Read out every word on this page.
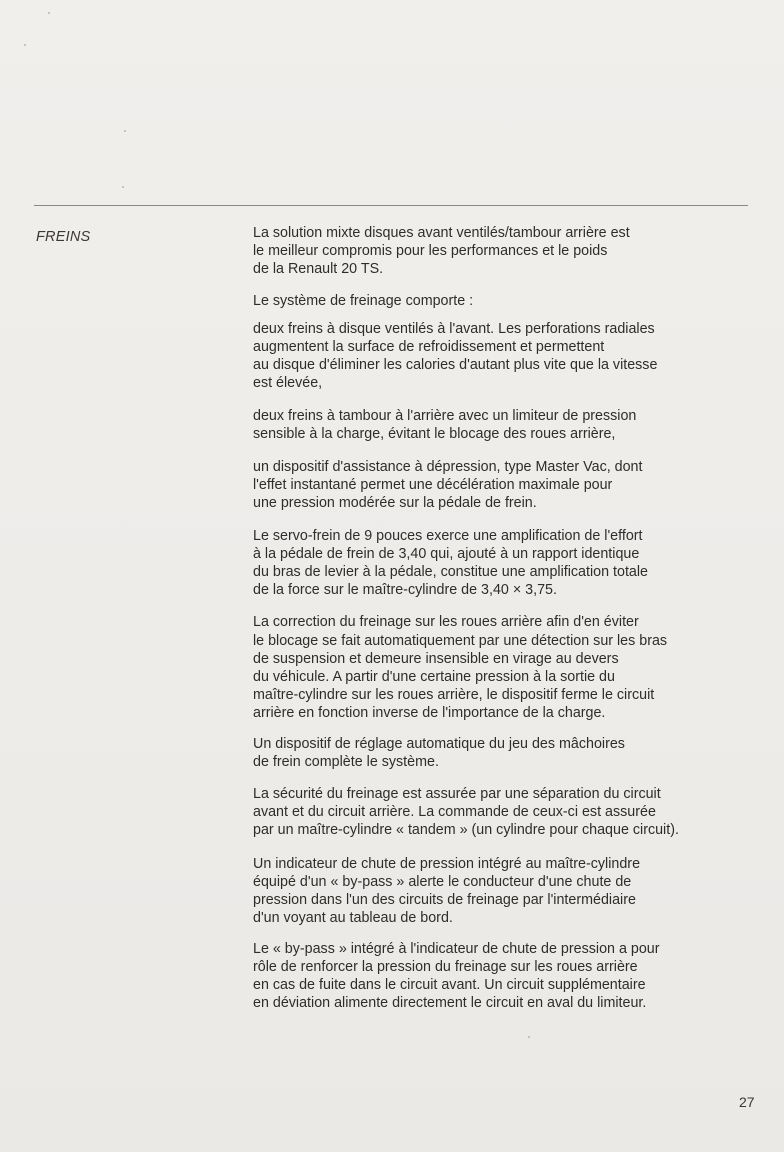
FREINS	La solution mixte disques avant ventilés/tambour arrière est
le meilleur compromis pour les performances et le poids
de la Renault 20 TS.

Le système de freinage comporte :

deux freins à disque ventilés à l'avant. Les perforations radiales
augmentent la surface de refroidissement et permettent
au disque d'éliminer les calories d'autant plus vite que la vitesse
est élevée,

deux freins à tambour à l'arrière avec un limiteur de pression
sensible à la charge, évitant le blocage des roues arrière,

un dispositif d'assistance à dépression, type Master Vac, dont
l'effet instantané permet une décélération maximale pour
une pression modérée sur la pédale de frein.

Le servo-frein de 9 pouces exerce une amplification de l'effort
à la pédale de frein de 3,40 qui, ajouté à un rapport identique
du bras de levier à la pédale, constitue une amplification totale
de la force sur le maître-cylindre de 3,40 × 3,75.

La correction du freinage sur les roues arrière afin d'en éviter
le blocage se fait automatiquement par une détection sur les bras
de suspension et demeure insensible en virage au devers
du véhicule. A partir d'une certaine pression à la sortie du
maître-cylindre sur les roues arrière, le dispositif ferme le circuit
arrière en fonction inverse de l'importance de la charge.

Un dispositif de réglage automatique du jeu des mâchoires
de frein complète le système.

La sécurité du freinage est assurée par une séparation du circuit
avant et du circuit arrière. La commande de ceux-ci est assurée
par un maître-cylindre « tandem » (un cylindre pour chaque circuit).

Un indicateur de chute de pression intégré au maître-cylindre
équipé d'un « by-pass » alerte le conducteur d'une chute de
pression dans l'un des circuits de freinage par l'intermédiaire
d'un voyant au tableau de bord.

Le « by-pass » intégré à l'indicateur de chute de pression a pour
rôle de renforcer la pression du freinage sur les roues arrière
en cas de fuite dans le circuit avant. Un circuit supplémentaire
en déviation alimente directement le circuit en aval du limiteur.

27
